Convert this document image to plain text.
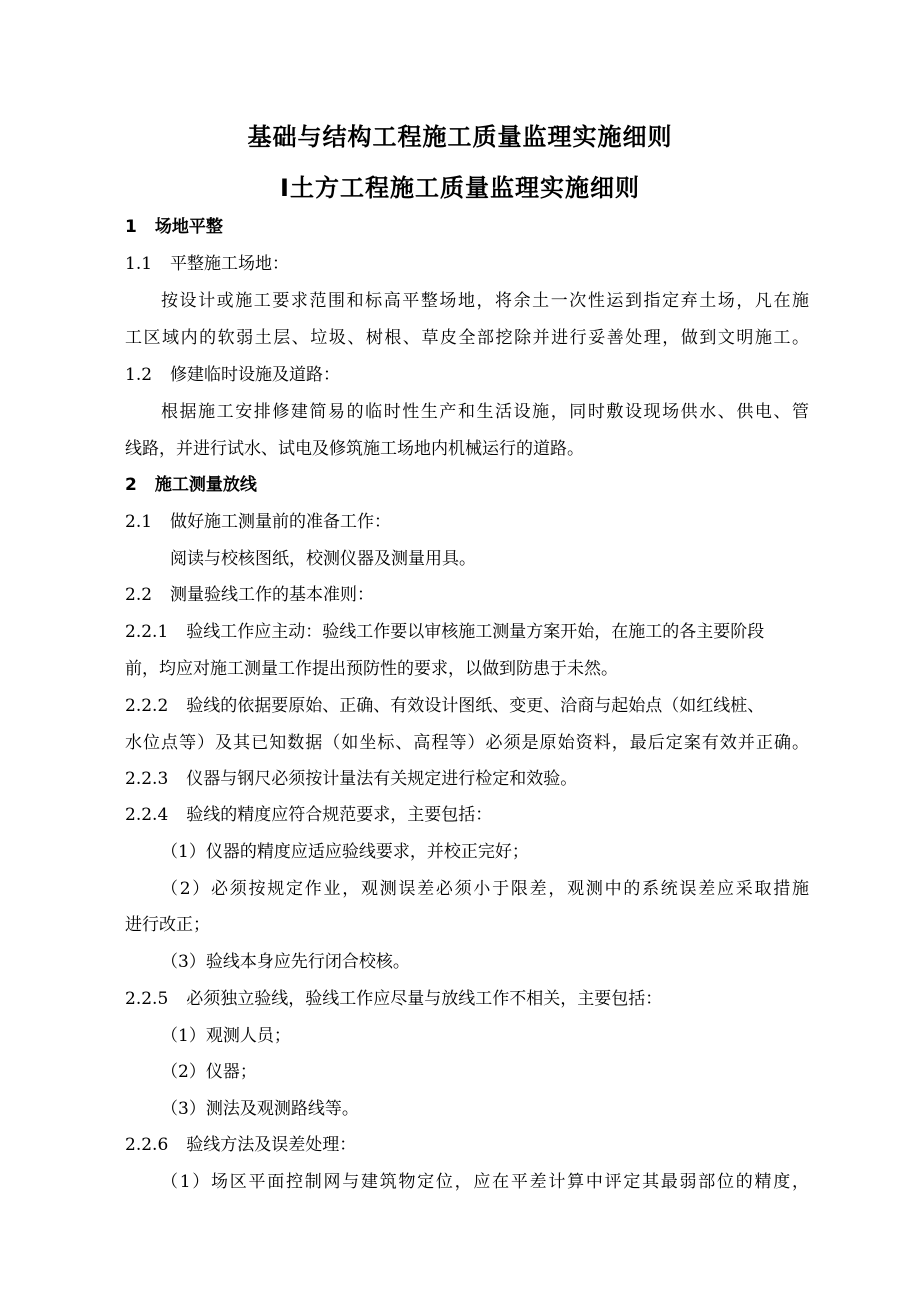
基础与结构工程施工质量监理实施细则
Ⅰ土方工程施工质量监理实施细则
1 场地平整
1.1 平整施工场地：
按设计或施工要求范围和标高平整场地，将余土一次性运到指定弃土场，凡在施
工区域内的软弱土层、垃圾、树根、草皮全部挖除并进行妥善处理，做到文明施工。
1.2 修建临时设施及道路：
根据施工安排修建简易的临时性生产和生活设施，同时敷设现场供水、供电、管
线路，并进行试水、试电及修筑施工场地内机械运行的道路。
2 施工测量放线
2.1 做好施工测量前的准备工作：
阅读与校核图纸，校测仪器及测量用具。
2.2 测量验线工作的基本准则：
2.2.1 验线工作应主动：验线工作要以审核施工测量方案开始，在施工的各主要阶段
前，均应对施工测量工作提出预防性的要求，以做到防患于未然。
2.2.2 验线的依据要原始、正确、有效设计图纸、变更、洽商与起始点（如红线桩、
水位点等）及其已知数据（如坐标、高程等）必须是原始资料，最后定案有效并正确。
2.2.3 仪器与钢尺必须按计量法有关规定进行检定和效验。
2.2.4 验线的精度应符合规范要求，主要包括：
（1）仪器的精度应适应验线要求，并校正完好；
（2）必须按规定作业，观测误差必须小于限差，观测中的系统误差应采取措施
进行改正；
（3）验线本身应先行闭合校核。
2.2.5 必须独立验线，验线工作应尽量与放线工作不相关，主要包括：
（1）观测人员；
（2）仪器；
（3）测法及观测路线等。
2.2.6 验线方法及误差处理：
（1）场区平面控制网与建筑物定位，应在平差计算中评定其最弱部位的精度，
